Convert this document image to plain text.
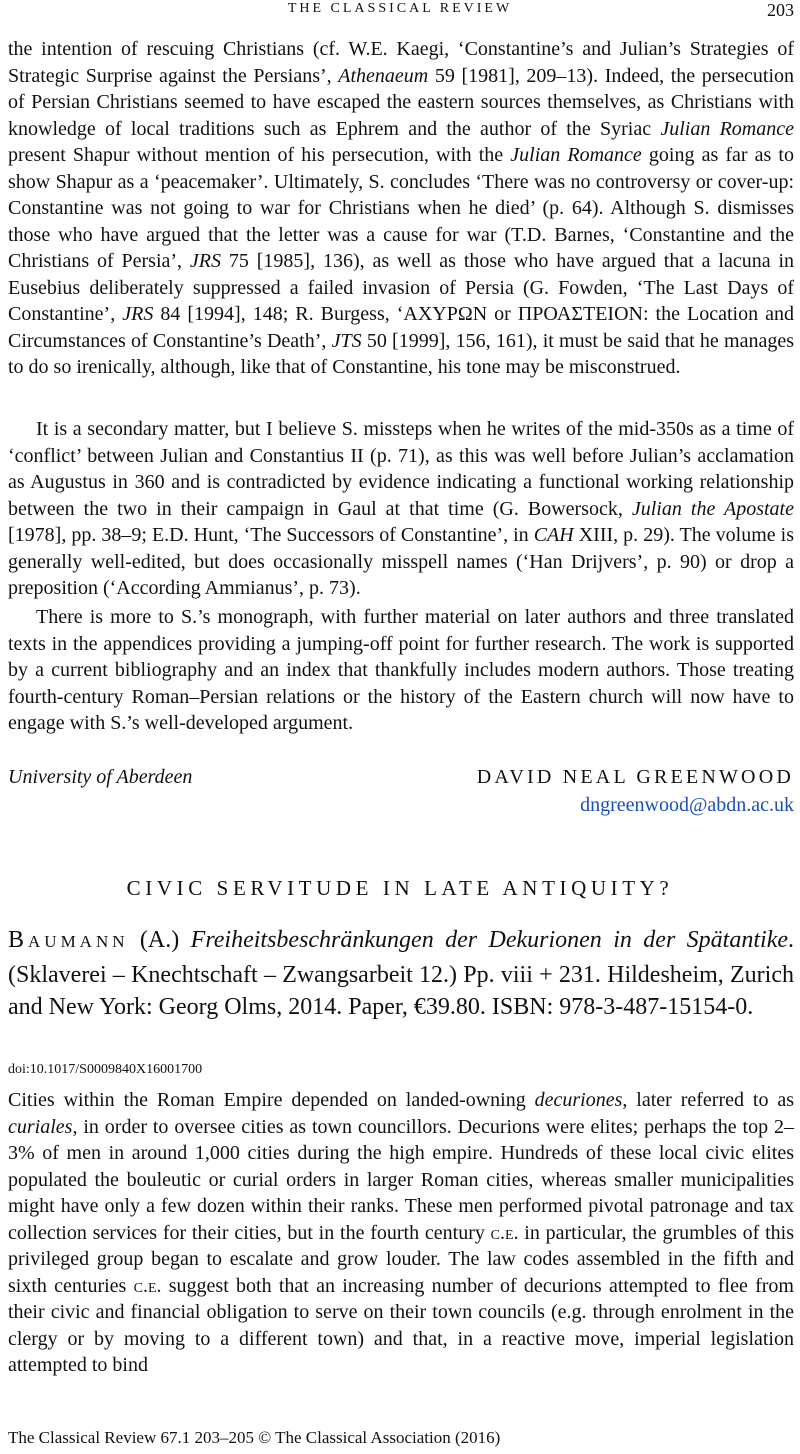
THE CLASSICAL REVIEW	203

the intention of rescuing Christians (cf. W.E. Kaegi, ‘Constantine’s and Julian’s Strategies of Strategic Surprise against the Persians’, Athenaeum 59 [1981], 209–13). Indeed, the persecution of Persian Christians seemed to have escaped the eastern sources themselves, as Christians with knowledge of local traditions such as Ephrem and the author of the Syriac Julian Romance present Shapur without mention of his persecution, with the Julian Romance going as far as to show Shapur as a ‘peacemaker’. Ultimately, S. concludes ‘There was no controversy or cover-up: Constantine was not going to war for Christians when he died’ (p. 64). Although S. dismisses those who have argued that the letter was a cause for war (T.D. Barnes, ‘Constantine and the Christians of Persia’, JRS 75 [1985], 136), as well as those who have argued that a lacuna in Eusebius deliberately suppressed a failed invasion of Persia (G. Fowden, ‘The Last Days of Constantine’, JRS 84 [1994], 148; R. Burgess, ‘ΑΧΥΡΩΝ or ΠΡΟΑΣΤΕΙΟΝ: the Location and Circumstances of Constantine’s Death’, JTS 50 [1999], 156, 161), it must be said that he manages to do so irenically, although, like that of Constantine, his tone may be misconstrued.

It is a secondary matter, but I believe S. missteps when he writes of the mid-350s as a time of ‘conflict’ between Julian and Constantius II (p. 71), as this was well before Julian’s acclamation as Augustus in 360 and is contradicted by evidence indicating a functional working relationship between the two in their campaign in Gaul at that time (G. Bowersock, Julian the Apostate [1978], pp. 38–9; E.D. Hunt, ‘The Successors of Constantine’, in CAH XIII, p. 29). The volume is generally well-edited, but does occasionally misspell names (‘Han Drijvers’, p. 90) or drop a preposition (‘According Ammianus’, p. 73).

There is more to S.’s monograph, with further material on later authors and three translated texts in the appendices providing a jumping-off point for further research. The work is supported by a current bibliography and an index that thankfully includes modern authors. Those treating fourth-century Roman–Persian relations or the history of the Eastern church will now have to engage with S.’s well-developed argument.

University of Aberdeen	DAVID NEAL GREENWOOD
dngreenwood@abdn.ac.uk
CIVIC SERVITUDE IN LATE ANTIQUITY?

BAUMANN (A.) Freiheitsbeschränkungen der Dekurionen in der Spätantike. (Sklaverei – Knechtschaft – Zwangsarbeit 12.) Pp. viii + 231. Hildesheim, Zurich and New York: Georg Olms, 2014. Paper, €39.80. ISBN: 978-3-487-15154-0.

doi:10.1017/S0009840X16001700

Cities within the Roman Empire depended on landed-owning decuriones, later referred to as curiales, in order to oversee cities as town councillors. Decurions were elites; perhaps the top 2–3% of men in around 1,000 cities during the high empire. Hundreds of these local civic elites populated the bouleutic or curial orders in larger Roman cities, whereas smaller municipalities might have only a few dozen within their ranks. These men performed pivotal patronage and tax collection services for their cities, but in the fourth century c.e. in particular, the grumbles of this privileged group began to escalate and grow louder. The law codes assembled in the fifth and sixth centuries c.e. suggest both that an increasing number of decurions attempted to flee from their civic and financial obligation to serve on their town councils (e.g. through enrolment in the clergy or by moving to a different town) and that, in a reactive move, imperial legislation attempted to bind

The Classical Review 67.1 203–205 © The Classical Association (2016)
